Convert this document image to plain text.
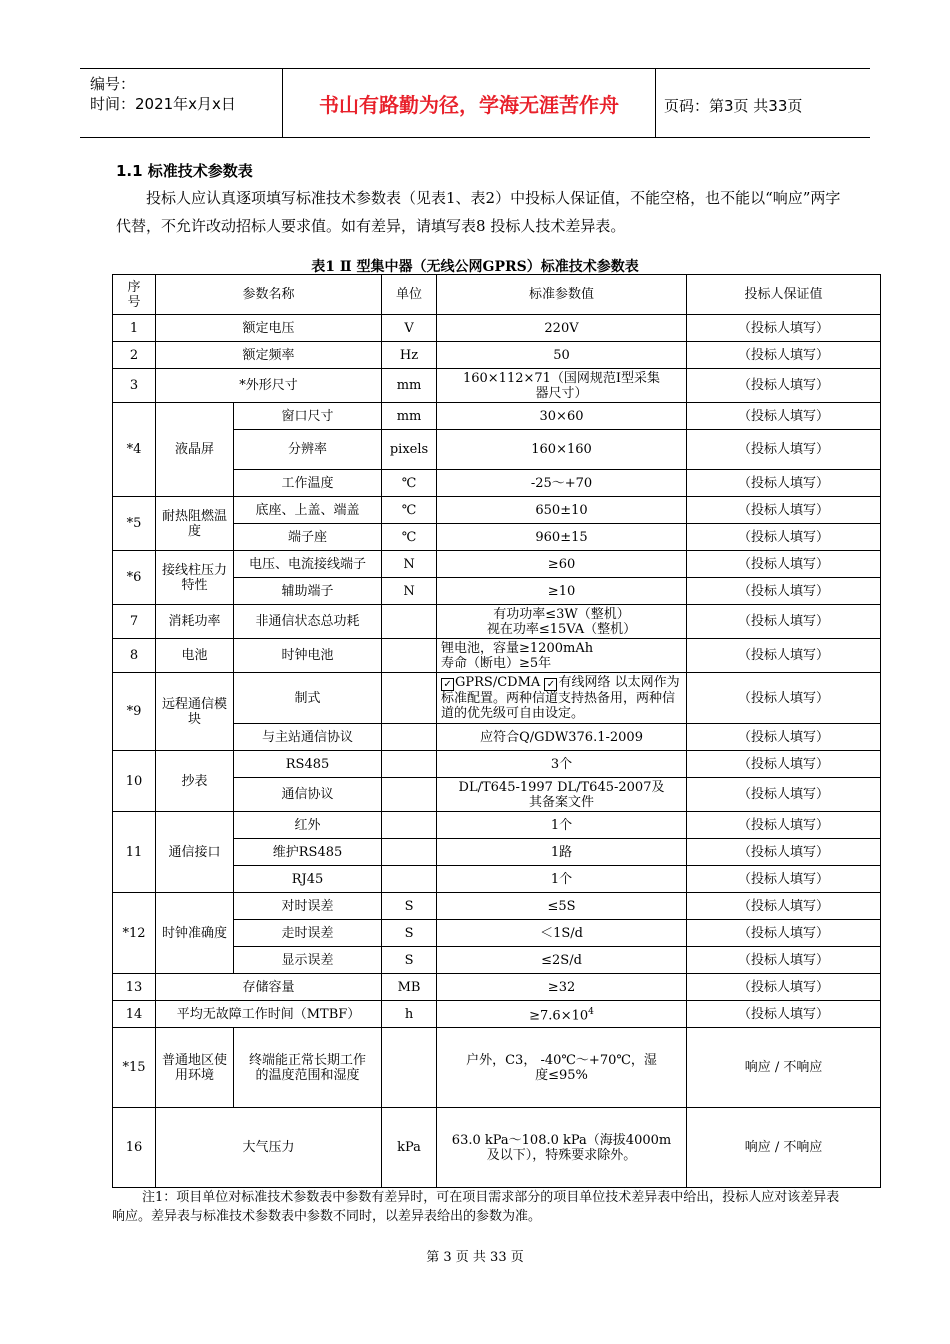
编号：
时间：2021年x月x日	书山有路勤为径，学海无涯苦作舟	页码：第3页 共33页
1.1 标准技术参数表
投标人应认真逐项填写标准技术参数表（见表1、表2）中投标人保证值，不能空格，也不能以“响应”两字代替，不允许改动招标人要求值。如有差异，请填写表8 投标人技术差异表。
表1 Ⅱ 型集中器（无线公网GPRS）标准技术参数表
序号	参数名称		单位	标准参数值	投标人保证值
1	额定电压		V	220V	（投标人填写）
2	额定频率		Hz	50	（投标人填写）
3	*外形尺寸		mm	160×112×71（国网规范Ⅰ型采集器尺寸）	（投标人填写）
*4	液晶屏	窗口尺寸	mm	30×60	（投标人填写）
		分辨率	pixels	160×160	（投标人填写）
		工作温度	℃	-25～+70	（投标人填写）
*5	耐热阻燃温度	底座、上盖、端盖	℃	650±10	（投标人填写）
		端子座	℃	960±15	（投标人填写）
*6	接线柱压力特性	电压、电流接线端子	N	≥60	（投标人填写）
		辅助端子	N	≥10	（投标人填写）
7	消耗功率	非通信状态总功耗		有功功率≤3W（整机）
视在功率≤15VA（整机）	（投标人填写）
8	电池	时钟电池		锂电池，容量≥1200mAh
寿命（断电）≥5年	（投标人填写）
*9	远程通信模块	制式		✓ GPRS/CDMA ✓ 有线网络 以太网作为标准配置。两种信道支持热备用，两种信道的优先级可自由设定。	（投标人填写）
		与主站通信协议		应符合Q/GDW376.1-2009	（投标人填写）
10	抄表	RS485		3个	（投标人填写）
		通信协议		DL/T645-1997 DL/T645-2007及其备案文件	（投标人填写）
11	通信接口	红外		1个	（投标人填写）
		维护RS485		1路	（投标人填写）
		RJ45		1个	（投标人填写）
*12	时钟准确度	对时误差	S	≤5S	（投标人填写）
		走时误差	S	＜1S/d	（投标人填写）
		显示误差	S	≤2S/d	（投标人填写）
13	存储容量		MB	≥32	（投标人填写）
14	平均无故障工作时间（MTBF）		h	$\ge 7.6\times 10^4$	（投标人填写）
*15	普通地区使用环境	终端能正常长期工作的温度范围和湿度		户外，C3， -40℃～+70℃，湿度≤95%	响应 / 不响应
16	大气压力		kPa	63.0 kPa～108.0 kPa（海拔4000m及以下），特殊要求除外。	响应 / 不响应
注1：项目单位对标准技术参数表中参数有差异时，可在项目需求部分的项目单位技术差异表中给出，投标人应对该差异表响应。差异表与标准技术参数表中参数不同时，以差异表给出的参数为准。
第 3 页 共 33 页
